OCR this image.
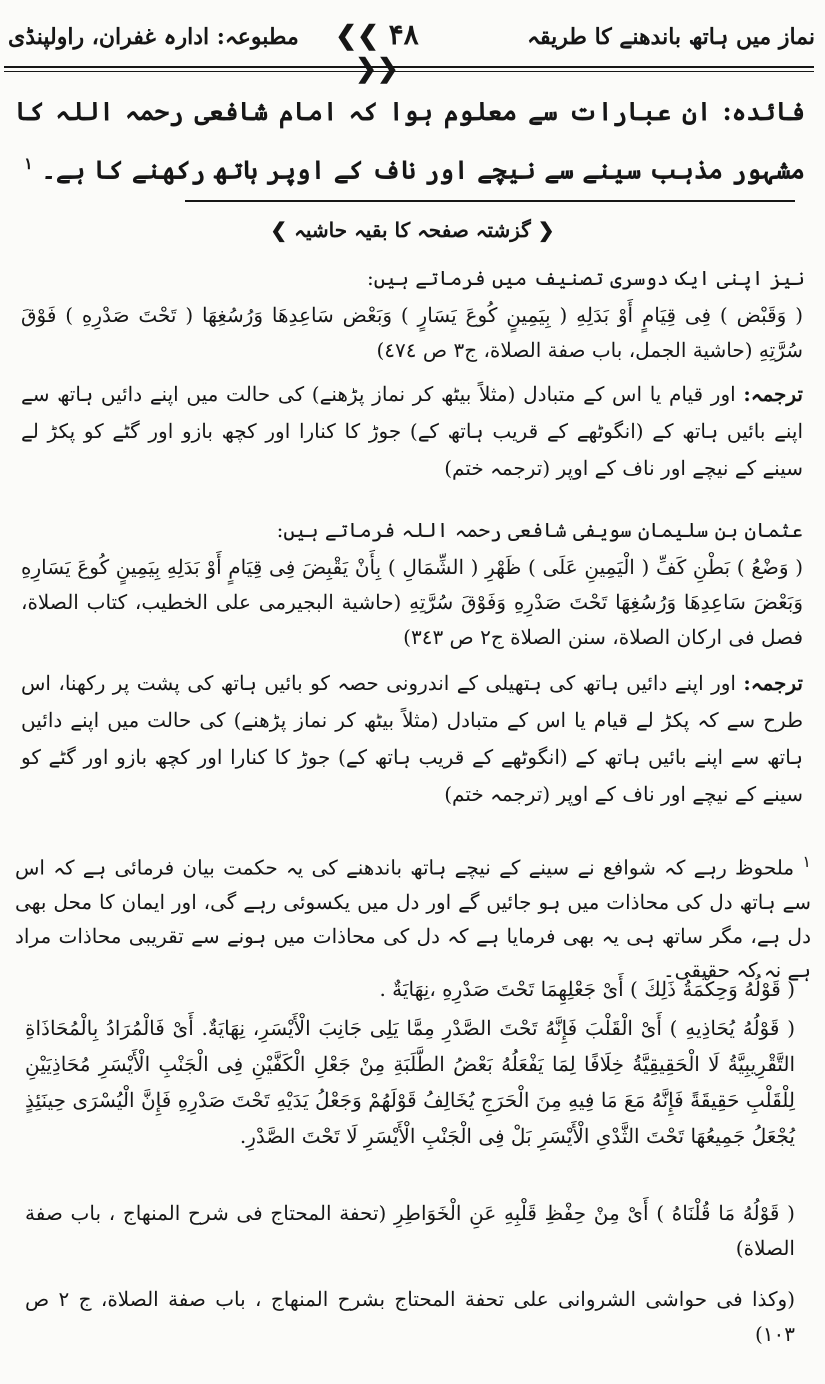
نماز میں ہاتھ باندھنے کا طریقہ
❮❮ ۴۸ ❯❯
مطبوعہ: ادارہ غفران، راولپنڈی
فائدہ: ان عبارات سے معلوم ہوا کہ امام شافعی رحمہ اللہ کا مشہور مذہب سینے سے نیچے اور ناف کے اوپر ہاتھ رکھنے کا ہے۔ $^۱$
❮ گزشتہ صفحہ کا بقیہ حاشیہ ❯
نیز اپنی ایک دوسری تصنیف میں فرماتے ہیں:
( وَقَبْض ) فِى قِيَامٍ أَوْ بَدَلِهِ ( بِيَمِينٍ كُوعَ يَسَارٍ ) وَبَعْض سَاعِدِهَا وَرُسُغِهَا ( تَحْتَ صَدْرِهِ ) فَوْقَ سُرَّتِهِ (حاشية الجمل، باب صفة الصلاة، ج٣ ص ٤٧٤)
ترجمہ: اور قیام یا اس کے متبادل (مثلاً بیٹھ کر نماز پڑھنے) کی حالت میں اپنے دائیں ہاتھ سے اپنے بائیں ہاتھ کے (انگوٹھے کے قریب ہاتھ کے) جوڑ کا کنارا اور کچھ بازو اور گٹے کو پکڑ لے سینے کے نیچے اور ناف کے اوپر (ترجمہ ختم)
عثمان بن سلیمان سویفی شافعی رحمہ اللہ فرماتے ہیں:
( وَضْعُ ) بَطْنِ كَفِّ ( الْيَمِينِ عَلَى ) ظَهْرِ ( الشِّمَالِ ) بِأَنْ يَقْبِضَ فِى قِيَامٍ أَوْ بَدَلِهِ بِيَمِينٍ كُوعَ يَسَارِهِ وَبَعْضَ سَاعِدِهَا وَرُسُغِهَا تَحْتَ صَدْرِهِ وَفَوْقَ سُرَّتِهِ (حاشية البجيرمى على الخطيب، كتاب الصلاة، فصل فى اركان الصلاة، سنن الصلاة ج٢ ص ٣٤٣)
ترجمہ: اور اپنے دائیں ہاتھ کی ہتھیلی کے اندرونی حصہ کو بائیں ہاتھ کی پشت پر رکھنا، اس طرح سے کہ پکڑ لے قیام یا اس کے متبادل (مثلاً بیٹھ کر نماز پڑھنے) کی حالت میں اپنے دائیں ہاتھ سے اپنے بائیں ہاتھ کے (انگوٹھے کے قریب ہاتھ کے) جوڑ کا کنارا اور کچھ بازو اور گٹے کو سینے کے نیچے اور ناف کے اوپر (ترجمہ ختم)
$^۱$ ملحوظ رہے کہ شوافع نے سینے کے نیچے ہاتھ باندھنے کی یہ حکمت بیان فرمائی ہے کہ اس سے ہاتھ دل کی محاذات میں ہو جائیں گے اور دل میں یکسوئی رہے گی، اور ایمان کا محل بھی دل ہے، مگر ساتھ ہی یہ بھی فرمایا ہے کہ دل کی محاذات میں ہونے سے تقریبی محاذات مراد ہے نہ کہ حقیقی۔
( قَوْلُهُ وَحِكْمَةُ ذَلِكَ ) أَىْ جَعْلِهِمَا تَحْتَ صَدْرِهِ ،نِهَايَةٌ .
( قَوْلُهُ يُحَاذِيهِ ) أَىْ الْقَلْبَ فَإِنَّهُ تَحْتَ الصَّدْرِ مِمَّا يَلِى جَانِبَ الْأَيْسَرِ، نِهَايَةٌ. أَىْ فَالْمُرَادُ بِالْمُحَاذَاةِ التَّقْرِيبِيَّةُ لَا الْحَقِيقِيَّةُ خِلَافًا لِمَا يَفْعَلُهُ بَعْضُ الطَّلَبَةِ مِنْ جَعْلِ الْكَفَّيْنِ فِى الْجَنْبِ الْأَيْسَرِ مُحَاذِيَيْنِ لِلْقَلْبِ حَقِيقَةً فَإِنَّهُ مَعَ مَا فِيهِ مِنَ الْحَرَجِ يُخَالِفُ قَوْلَهُمْ وَجَعْلُ يَدَيْهِ تَحْتَ صَدْرِهِ فَإِنَّ الْيُسْرَى حِينَئِذٍ يُجْعَلُ جَمِيعُهَا تَحْتَ الثَّدْىِ الْأَيْسَرِ بَلْ فِى الْجَنْبِ الْأَيْسَرِ لَا تَحْتَ الصَّدْرِ.
( قَوْلُهُ مَا قُلْنَاهُ ) أَىْ مِنْ حِفْظِ قَلْبِهِ عَنِ الْخَوَاطِرِ (تحفة المحتاج فى شرح المنهاج ، باب صفة الصلاة)
(وكذا فى حواشى الشروانى على تحفة المحتاج بشرح المنهاج ، باب صفة الصلاة، ج ٢ ص ١٠٣)
